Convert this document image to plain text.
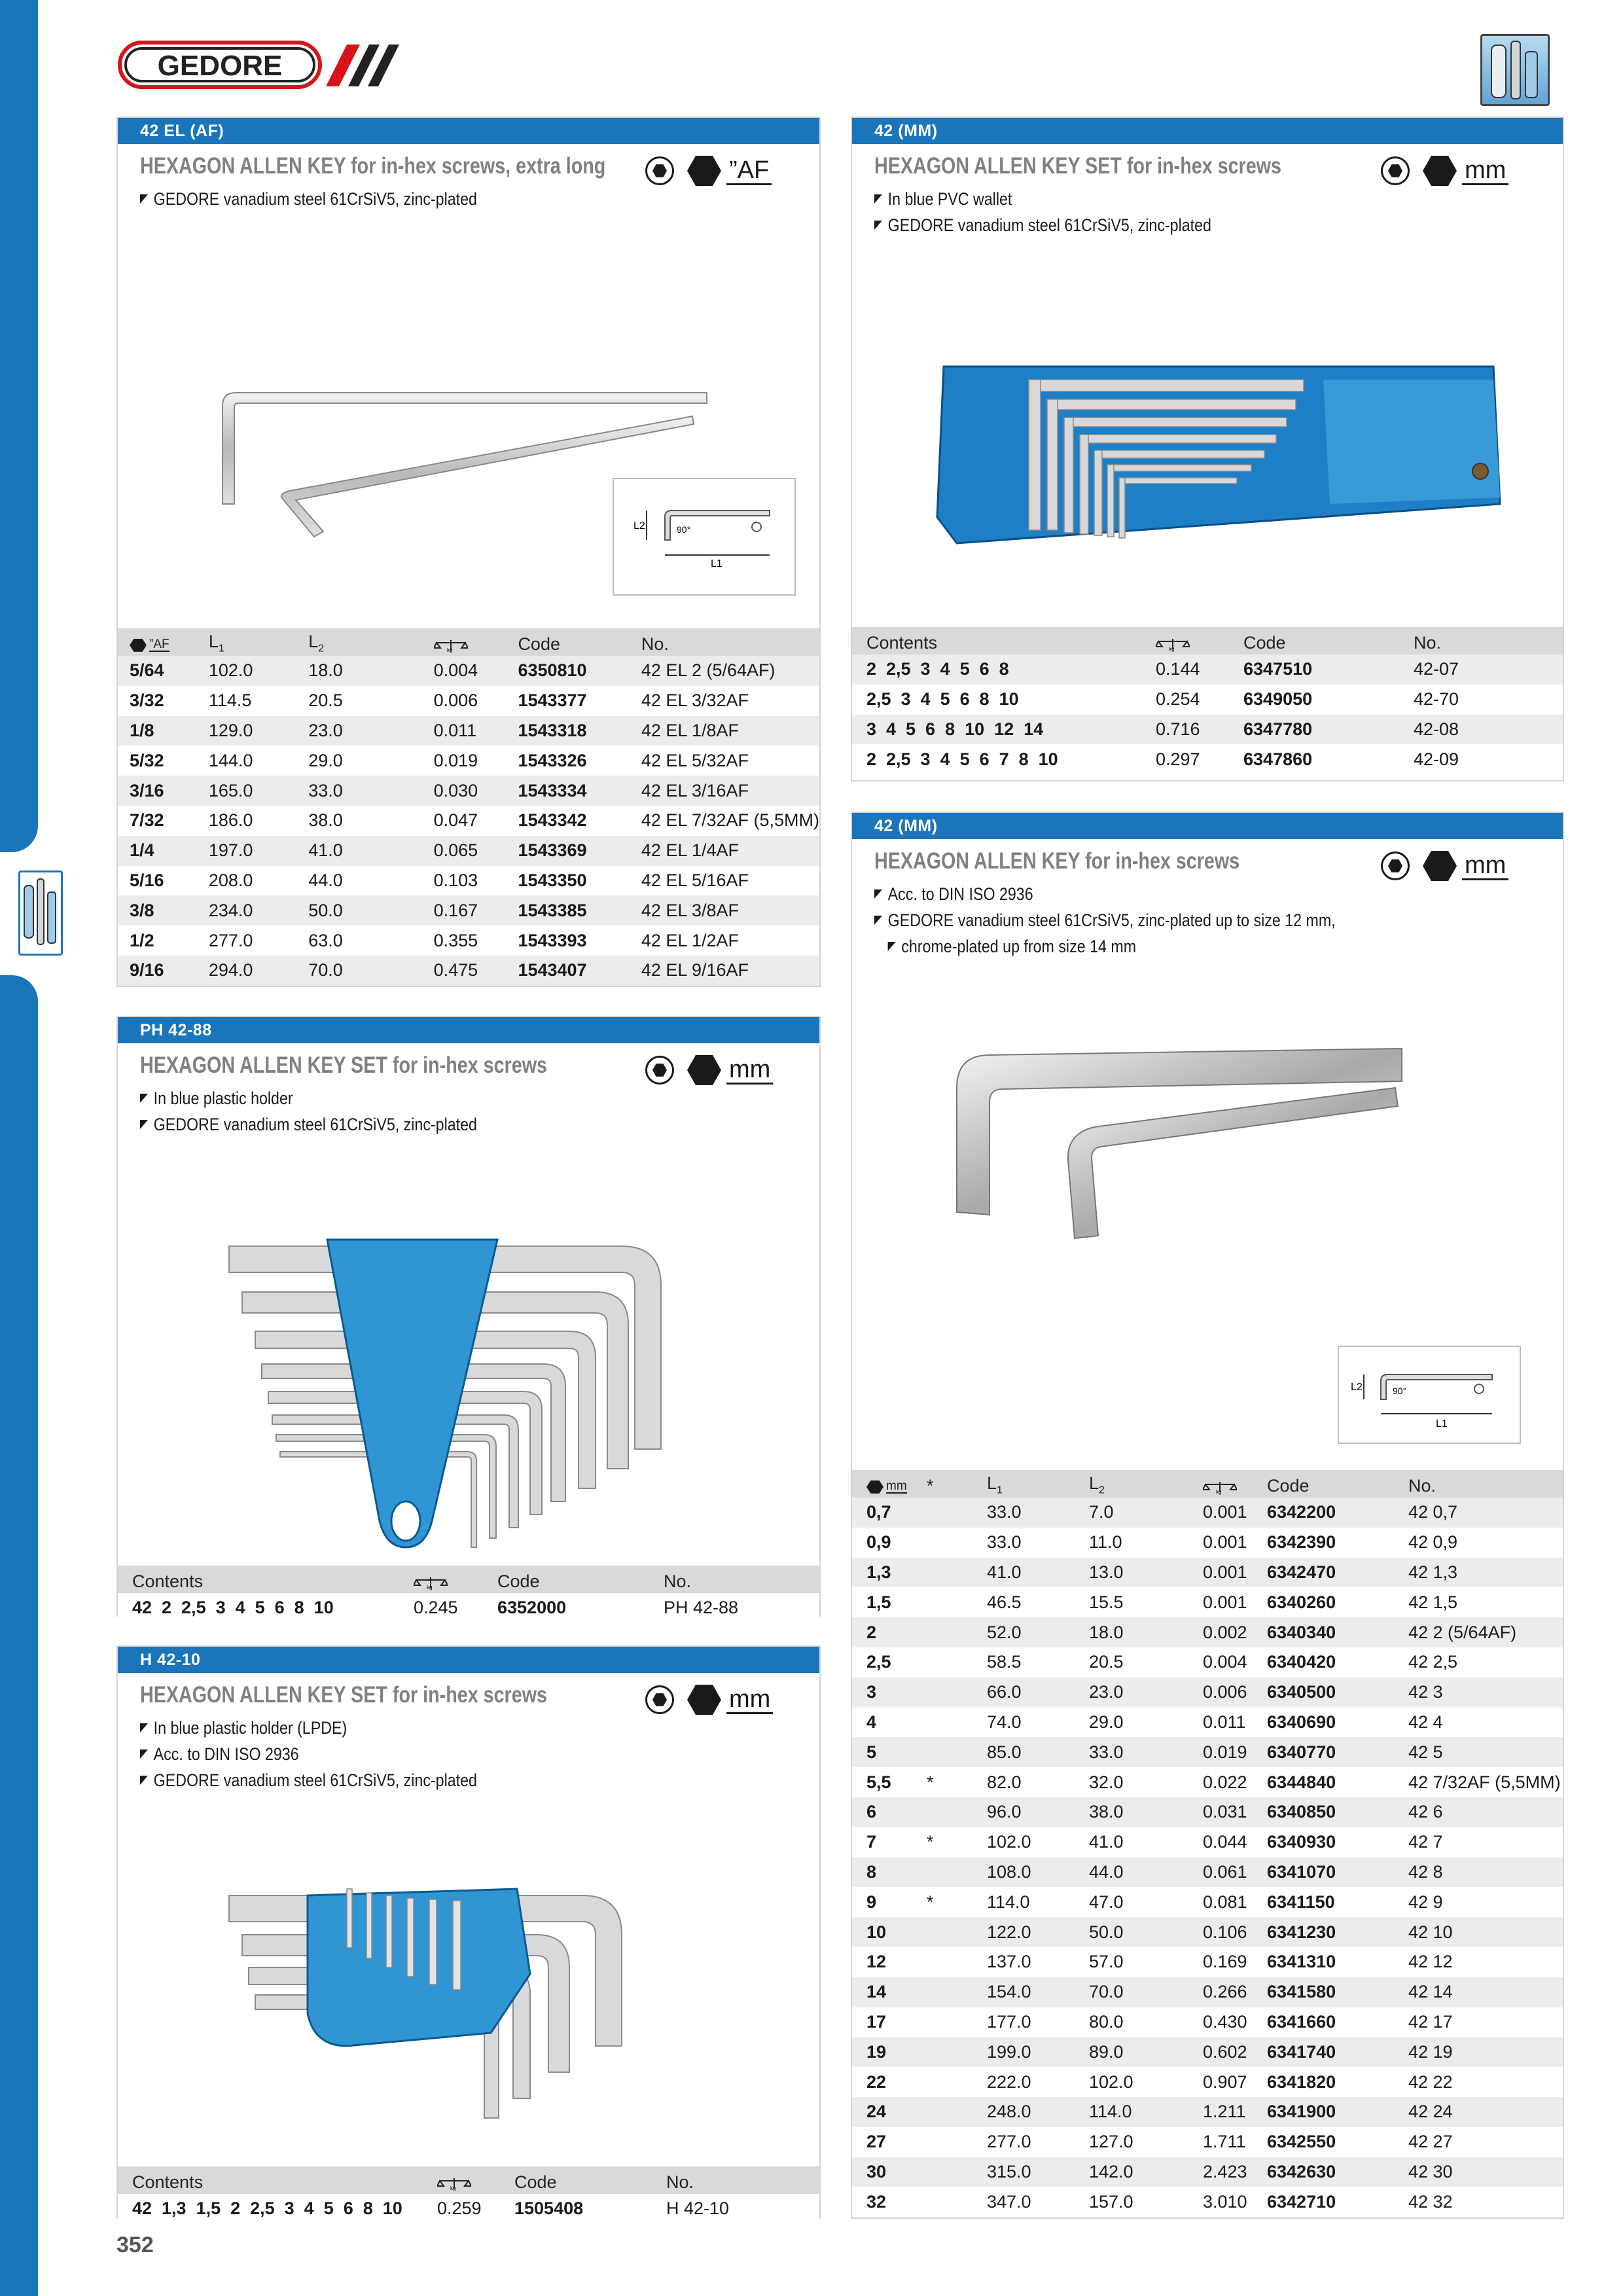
GEDORE
42 EL (AF)
HEXAGON ALLEN KEY for in-hex screws, extra long
GEDORE vanadium steel 61CrSiV5, zinc-plated
”AF
L1
L2	90°
”AF	$L_1$	$L_2$	kg	Code	No.
5/64	102.0	18.0	0.004	6350810	42 EL 2 (5/64AF)
3/32	114.5	20.5	0.006	1543377	42 EL 3/32AF
1/8	129.0	23.0	0.011	1543318	42 EL 1/8AF
5/32	144.0	29.0	0.019	1543326	42 EL 5/32AF
3/16	165.0	33.0	0.030	1543334	42 EL 3/16AF
7/32	186.0	38.0	0.047	1543342	42 EL 7/32AF (5,5MM)
1/4	197.0	41.0	0.065	1543369	42 EL 1/4AF
5/16	208.0	44.0	0.103	1543350	42 EL 5/16AF
3/8	234.0	50.0	0.167	1543385	42 EL 3/8AF
1/2	277.0	63.0	0.355	1543393	42 EL 1/2AF
9/16	294.0	70.0	0.475	1543407	42 EL 9/16AF
42 (MM)
HEXAGON ALLEN KEY SET for in-hex screws
In blue PVC wallet
GEDORE vanadium steel 61CrSiV5, zinc-plated
mm
Contents	kg	Code	No.
2  2,5  3  4  5  6  8	0.144	6347510	42-07
2,5  3  4  5  6  8  10	0.254	6349050	42-70
3  4  5  6  8  10  12  14	0.716	6347780	42-08
2  2,5  3  4  5  6  7  8  10	0.297	6347860	42-09
42 (MM)
HEXAGON ALLEN KEY for in-hex screws
Acc. to DIN ISO 2936
GEDORE vanadium steel 61CrSiV5, zinc-plated up to size 12 mm,
chrome-plated up from size 14 mm
mm
L1
L2	90°
mm	*	$L_1$	$L_2$	kg	Code	No.
0,7		33.0	7.0	0.001	6342200	42 0,7
0,9		33.0	11.0	0.001	6342390	42 0,9
1,3		41.0	13.0	0.001	6342470	42 1,3
1,5		46.5	15.5	0.001	6340260	42 1,5
2		52.0	18.0	0.002	6340340	42 2 (5/64AF)
2,5		58.5	20.5	0.004	6340420	42 2,5
3		66.0	23.0	0.006	6340500	42 3
4		74.0	29.0	0.011	6340690	42 4
5		85.0	33.0	0.019	6340770	42 5
5,5	*	82.0	32.0	0.022	6344840	42 7/32AF (5,5MM)
6		96.0	38.0	0.031	6340850	42 6
7	*	102.0	41.0	0.044	6340930	42 7
8		108.0	44.0	0.061	6341070	42 8
9	*	114.0	47.0	0.081	6341150	42 9
10		122.0	50.0	0.106	6341230	42 10
12		137.0	57.0	0.169	6341310	42 12
14		154.0	70.0	0.266	6341580	42 14
17		177.0	80.0	0.430	6341660	42 17
19		199.0	89.0	0.602	6341740	42 19
22		222.0	102.0	0.907	6341820	42 22
24		248.0	114.0	1.211	6341900	42 24
27		277.0	127.0	1.711	6342550	42 27
30		315.0	142.0	2.423	6342630	42 30
32		347.0	157.0	3.010	6342710	42 32
PH 42-88
HEXAGON ALLEN KEY SET for in-hex screws
In blue plastic holder
GEDORE vanadium steel 61CrSiV5, zinc-plated
mm
Contents	kg	Code	No.
42  2  2,5  3  4  5  6  8  10	0.245	6352000	PH 42-88
H 42-10
HEXAGON ALLEN KEY SET for in-hex screws
In blue plastic holder (LPDE)
Acc. to DIN ISO 2936
GEDORE vanadium steel 61CrSiV5, zinc-plated
mm
Contents	kg	Code	No.
42  1,3  1,5  2  2,5  3  4  5  6  8  10	0.259	1505408	H 42-10
352
